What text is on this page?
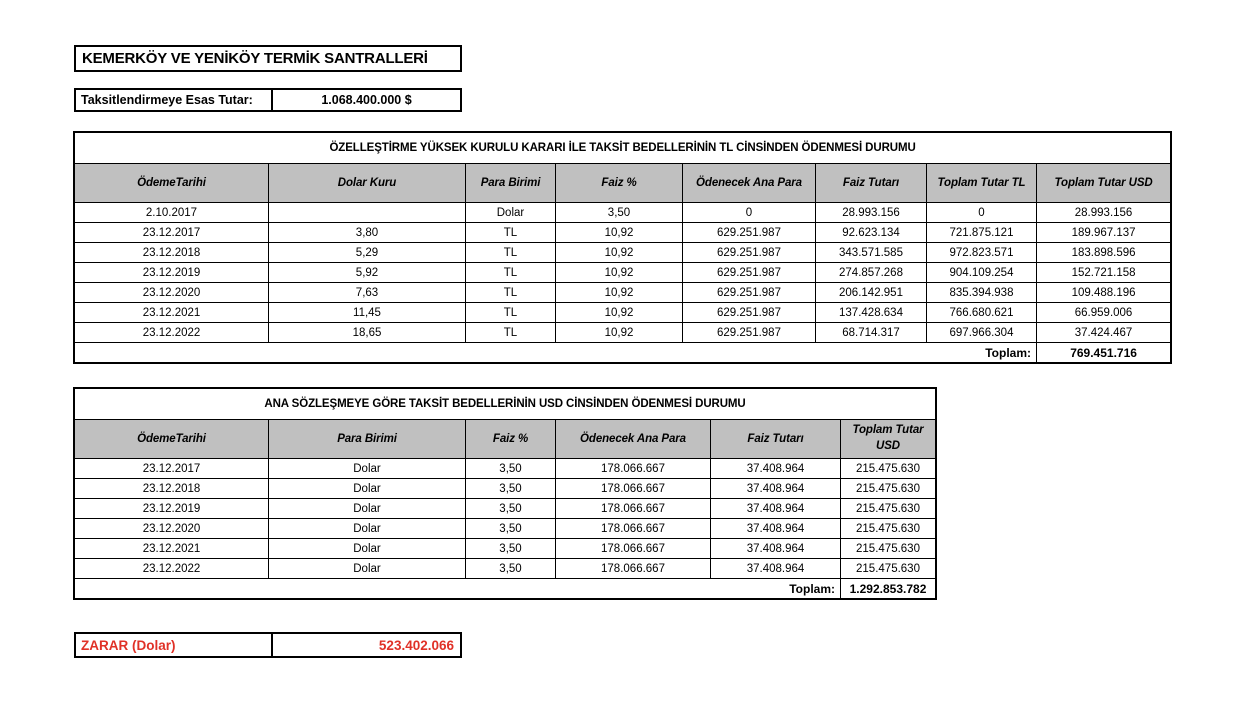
KEMERKÖY VE YENİKÖY TERMİK SANTRALLERİ
Taksitlendirmeye Esas Tutar:	1.068.400.000 $
ÖZELLEŞTİRME YÜKSEK KURULU KARARI İLE TAKSİT BEDELLERİNİN TL CİNSİNDEN ÖDENMESİ DURUMU							
ÖdemeTarihi	Dolar Kuru	Para Birimi	Faiz %	Ödenecek Ana Para	Faiz Tutarı	Toplam Tutar TL	Toplam Tutar USD
2.10.2017		Dolar	3,50	0	28.993.156	0	28.993.156
23.12.2017	3,80	TL	10,92	629.251.987	92.623.134	721.875.121	189.967.137
23.12.2018	5,29	TL	10,92	629.251.987	343.571.585	972.823.571	183.898.596
23.12.2019	5,92	TL	10,92	629.251.987	274.857.268	904.109.254	152.721.158
23.12.2020	7,63	TL	10,92	629.251.987	206.142.951	835.394.938	109.488.196
23.12.2021	11,45	TL	10,92	629.251.987	137.428.634	766.680.621	66.959.006
23.12.2022	18,65	TL	10,92	629.251.987	68.714.317	697.966.304	37.424.467
Toplam:							769.451.716
ANA SÖZLEŞMEYE GÖRE TAKSİT BEDELLERİNİN USD CİNSİNDEN ÖDENMESİ DURUMU					
ÖdemeTarihi	Para Birimi	Faiz %	Ödenecek Ana Para	Faiz Tutarı	Toplam Tutar USD
23.12.2017	Dolar	3,50	178.066.667	37.408.964	215.475.630
23.12.2018	Dolar	3,50	178.066.667	37.408.964	215.475.630
23.12.2019	Dolar	3,50	178.066.667	37.408.964	215.475.630
23.12.2020	Dolar	3,50	178.066.667	37.408.964	215.475.630
23.12.2021	Dolar	3,50	178.066.667	37.408.964	215.475.630
23.12.2022	Dolar	3,50	178.066.667	37.408.964	215.475.630
Toplam:					1.292.853.782
ZARAR (Dolar)	523.402.066
